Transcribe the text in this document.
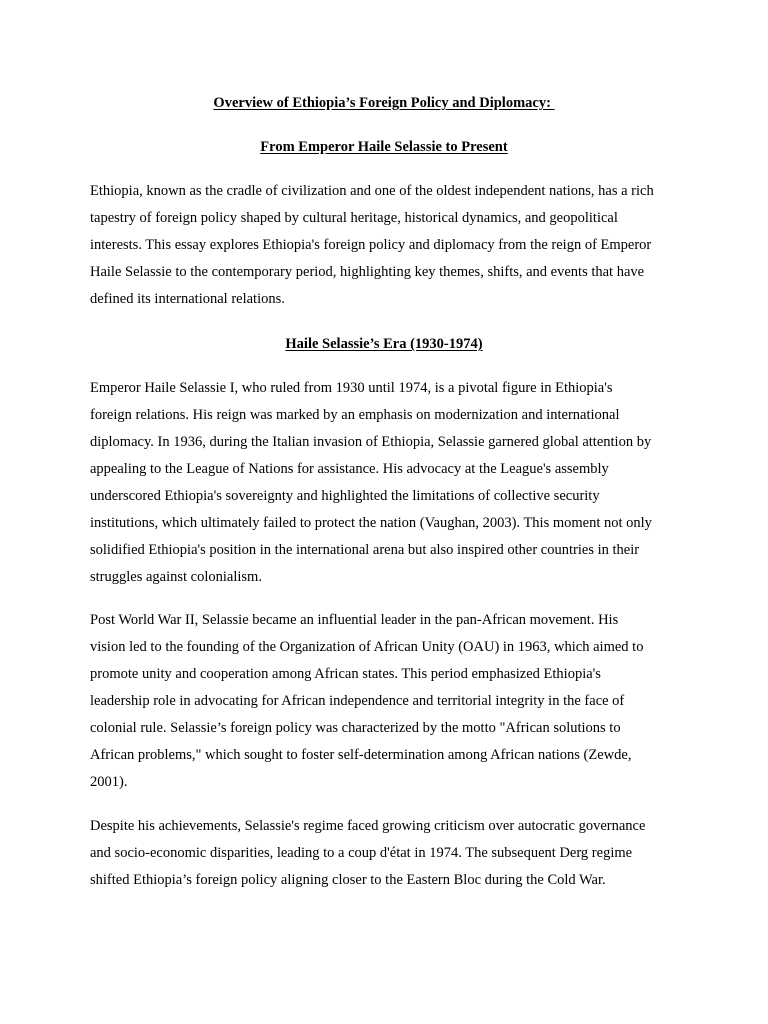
Overview of Ethiopia’s Foreign Policy and Diplomacy:
From Emperor Haile Selassie to Present
Ethiopia, known as the cradle of civilization and one of the oldest independent nations, has a rich
tapestry of foreign policy shaped by cultural heritage, historical dynamics, and geopolitical
interests. This essay explores Ethiopia's foreign policy and diplomacy from the reign of Emperor
Haile Selassie to the contemporary period, highlighting key themes, shifts, and events that have
defined its international relations.
Haile Selassie’s Era (1930-1974)
Emperor Haile Selassie I, who ruled from 1930 until 1974, is a pivotal figure in Ethiopia's
foreign relations. His reign was marked by an emphasis on modernization and international
diplomacy. In 1936, during the Italian invasion of Ethiopia, Selassie garnered global attention by
appealing to the League of Nations for assistance. His advocacy at the League's assembly
underscored Ethiopia's sovereignty and highlighted the limitations of collective security
institutions, which ultimately failed to protect the nation (Vaughan, 2003). This moment not only
solidified Ethiopia's position in the international arena but also inspired other countries in their
struggles against colonialism.
Post World War II, Selassie became an influential leader in the pan-African movement. His
vision led to the founding of the Organization of African Unity (OAU) in 1963, which aimed to
promote unity and cooperation among African states. This period emphasized Ethiopia's
leadership role in advocating for African independence and territorial integrity in the face of
colonial rule. Selassie’s foreign policy was characterized by the motto "African solutions to
African problems," which sought to foster self-determination among African nations (Zewde,
2001).
Despite his achievements, Selassie's regime faced growing criticism over autocratic governance
and socio-economic disparities, leading to a coup d'état in 1974. The subsequent Derg regime
shifted Ethiopia’s foreign policy aligning closer to the Eastern Bloc during the Cold War.
